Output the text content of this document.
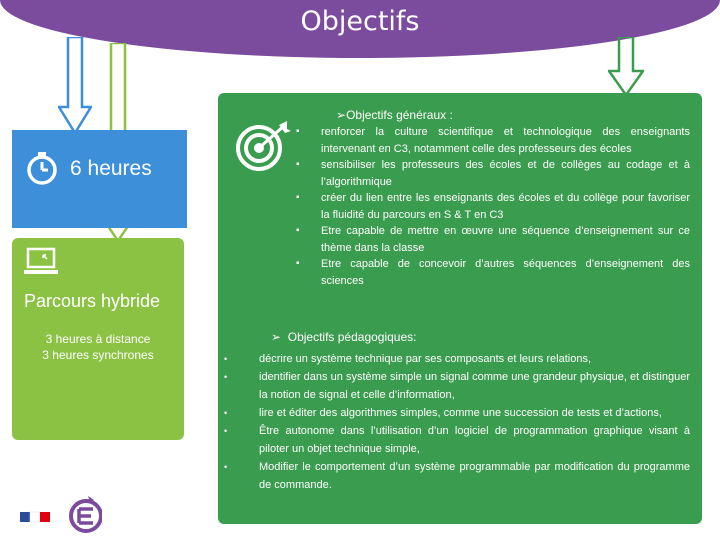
Objectifs
6 heures
Parcours hybride
3 heures à distance
3 heures synchrones
➢Objectifs généraux :
▪ renforcer la culture scientifique et technologique des enseignants intervenant en C3, notamment celle des professeurs des écoles
▪ sensibiliser les professeurs des écoles et de collèges au codage et à l’algorithmique
▪ créer du lien entre les enseignants des écoles et du collège pour favoriser la fluidité du parcours en S & T en C3
▪ Etre capable de mettre en œuvre une séquence d’enseignement sur ce thème dans la classe
▪ Etre capable de concevoir d’autres séquences d’enseignement des sciences
➢  Objectifs pédagogiques:
• décrire un système technique par ses composants et leurs relations,
• identifier dans un système simple un signal comme une grandeur physique, et distinguer la notion de signal et celle d’information,
• lire et éditer des algorithmes simples, comme une succession de tests et d’actions,
• Être autonome dans l’utilisation d’un logiciel de programmation graphique visant à piloter un objet technique simple,
• Modifier le comportement d’un système programmable par modification du programme de commande.
